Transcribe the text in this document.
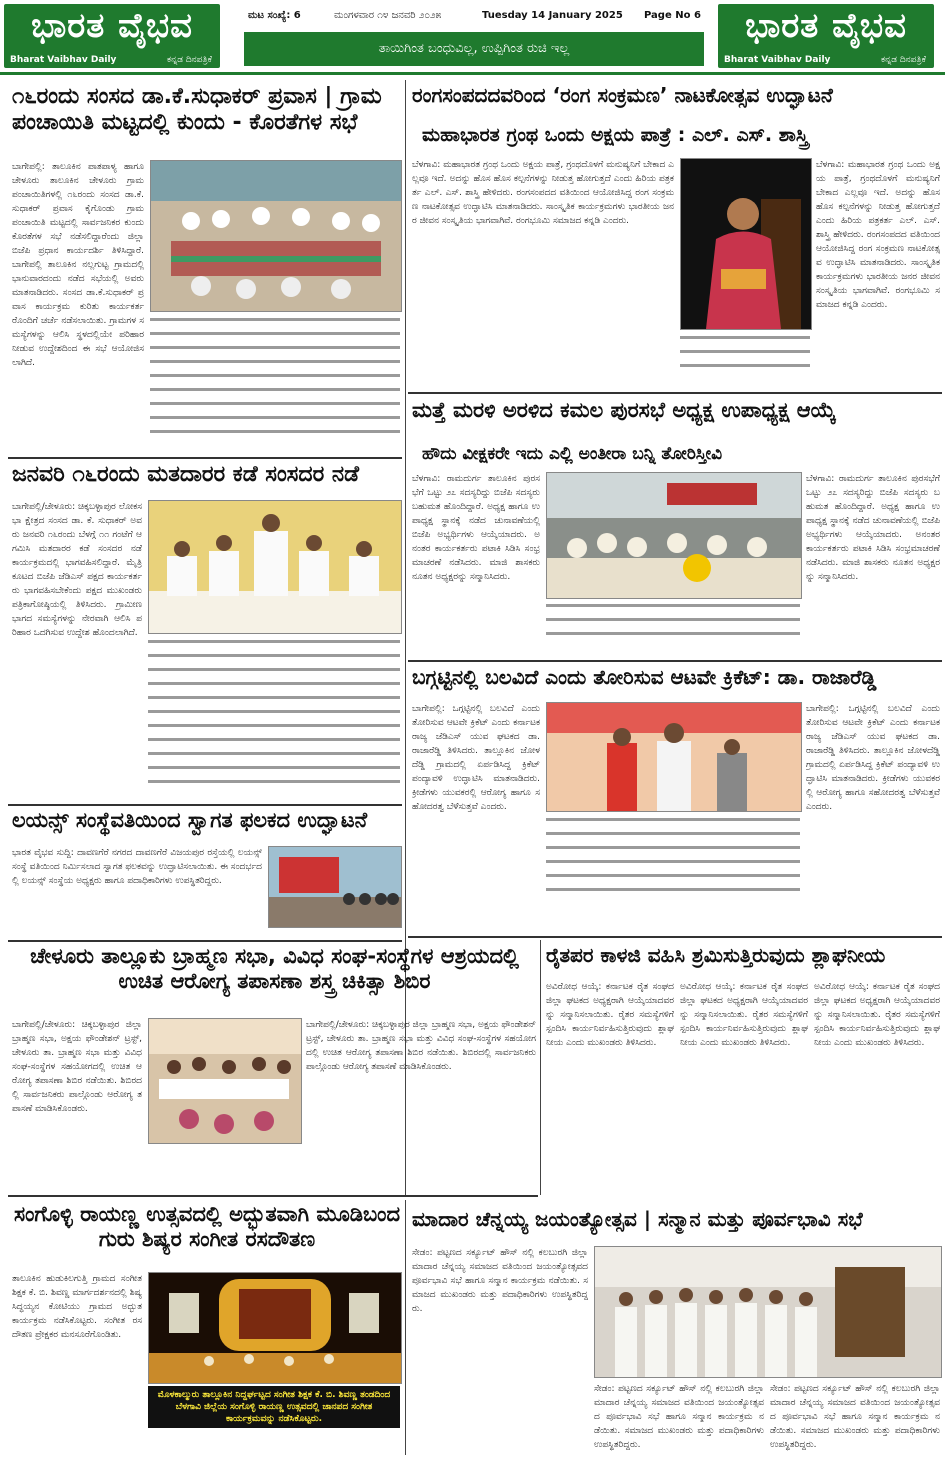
ಭಾರತ ವೈಭವ
Bharat Vaibhav Daily	ಕನ್ನಡ ದಿನಪತ್ರಿಕೆ
ಭಾರತ ವೈಭವ
Bharat Vaibhav Daily	ಕನ್ನಡ ದಿನಪತ್ರಿಕೆ
ಮಟ ಸಂಖ್ಯೆ: 6	ಮಂಗಳವಾರ ೧೪ ಜನವರಿ ೨೦೨೫	Tuesday 14 January 2025 Page No 6
ತಾಯಿಗಿಂತ ಬಂಧುವಿಲ್ಲ, ಉಪ್ಪಿಗಿಂತ ರುಚಿ ಇಲ್ಲ
೧೬ರಂದು ಸಂಸದ ಡಾ.ಕೆ.ಸುಧಾಕರ್ ಪ್ರವಾಸ | ಗ್ರಾಮ ಪಂಚಾಯಿತಿ ಮಟ್ಟದಲ್ಲಿ ಕುಂದು - ಕೊರತೆಗಳ ಸಭೆ
ಬಾಗೇಪಲ್ಲಿ: ತಾಲೂಕಿನ ಪಾತಪಾಳ್ಯ ಹಾಗೂ ಚೇಳೂರು ತಾಲೂಕಿನ ಚೇಳೂರು ಗ್ರಾಮ ಪಂಚಾಯಿತಿಗಳಲ್ಲಿ ೧೬ರಂದು ಸಂಸದ ಡಾ.ಕೆ.ಸುಧಾಕರ್ ಪ್ರವಾಸ ಕೈಗೊಂಡು ಗ್ರಾಮ ಪಂಚಾಯಿತಿ ಮಟ್ಟದಲ್ಲಿ ಸಾರ್ವಜನಿಕರ ಕುಂದು ಕೊರತೆಗಳ ಸಭೆ ನಡೆಸಲಿದ್ದಾರೆಂದು ಜಿಲ್ಲಾ ಬಿಜೆಪಿ ಪ್ರಧಾನ ಕಾರ್ಯದರ್ಶಿ ತಿಳಿಸಿದ್ದಾರೆ. ಬಾಗೇಪಲ್ಲಿ ತಾಲೂಕಿನ ನಲ್ಲಗುಟ್ಟ ಗ್ರಾಮದಲ್ಲಿ ಭಾನುವಾರದಂದು ನಡೆದ ಸಭೆಯಲ್ಲಿ ಅವರು ಮಾತನಾಡಿದರು. ಸಂಸದ ಡಾ.ಕೆ.ಸುಧಾಕರ್ ಪ್ರವಾಸ ಕಾರ್ಯಕ್ರಮ ಕುರಿತು ಕಾರ್ಯಕರ್ತರೊಂದಿಗೆ ಚರ್ಚೆ ನಡೆಸಲಾಯಿತು. ಗ್ರಾಮಗಳ ಸಮಸ್ಯೆಗಳನ್ನು ಆಲಿಸಿ ಸ್ಥಳದಲ್ಲಿಯೇ ಪರಿಹಾರ ನೀಡುವ ಉದ್ದೇಶದಿಂದ ಈ ಸಭೆ ಆಯೋಜಿಸಲಾಗಿದೆ.
ರಂಗಸಂಪದದವರಿಂದ ‘ರಂಗ ಸಂಕ್ರಮಣ’ ನಾಟಕೋತ್ಸವ ಉದ್ಘಾಟನೆ
ಮಹಾಭಾರತ ಗ್ರಂಥ ಒಂದು ಅಕ್ಷಯ ಪಾತ್ರೆ : ಎಲ್. ಎಸ್. ಶಾಸ್ತ್ರಿ
ಬೆಳಗಾವಿ: ಮಹಾಭಾರತ ಗ್ರಂಥ ಒಂದು ಅಕ್ಷಯ ಪಾತ್ರೆ, ಗ್ರಂಥದೊಳಗೆ ಮನುಷ್ಯನಿಗೆ ಬೇಕಾದ ಎಲ್ಲವೂ ಇದೆ. ಅದನ್ನು ಹೊಸ ಹೊಸ ಕಲ್ಪನೆಗಳನ್ನು ನೀಡುತ್ತ ಹೋಗುತ್ತದೆ ಎಂದು ಹಿರಿಯ ಪತ್ರಕರ್ತ ಎಲ್. ಎಸ್. ಶಾಸ್ತ್ರಿ ಹೇಳಿದರು. ರಂಗಸಂಪದದ ವತಿಯಿಂದ ಆಯೋಜಿಸಿದ್ದ ರಂಗ ಸಂಕ್ರಮಣ ನಾಟಕೋತ್ಸವ ಉದ್ಘಾಟಿಸಿ ಮಾತನಾಡಿದರು. ಸಾಂಸ್ಕೃತಿಕ ಕಾರ್ಯಕ್ರಮಗಳು ಭಾರತೀಯ ಜನರ ಜೀವನ ಸಂಸ್ಕೃತಿಯ ಭಾಗವಾಗಿವೆ. ರಂಗಭೂಮಿ ಸಮಾಜದ ಕನ್ನಡಿ ಎಂದರು.
ಬೆಳಗಾವಿ: ಮಹಾಭಾರತ ಗ್ರಂಥ ಒಂದು ಅಕ್ಷಯ ಪಾತ್ರೆ, ಗ್ರಂಥದೊಳಗೆ ಮನುಷ್ಯನಿಗೆ ಬೇಕಾದ ಎಲ್ಲವೂ ಇದೆ. ಅದನ್ನು ಹೊಸ ಹೊಸ ಕಲ್ಪನೆಗಳನ್ನು ನೀಡುತ್ತ ಹೋಗುತ್ತದೆ ಎಂದು ಹಿರಿಯ ಪತ್ರಕರ್ತ ಎಲ್. ಎಸ್. ಶಾಸ್ತ್ರಿ ಹೇಳಿದರು. ರಂಗಸಂಪದದ ವತಿಯಿಂದ ಆಯೋಜಿಸಿದ್ದ ರಂಗ ಸಂಕ್ರಮಣ ನಾಟಕೋತ್ಸವ ಉದ್ಘಾಟಿಸಿ ಮಾತನಾಡಿದರು. ಸಾಂಸ್ಕೃತಿಕ ಕಾರ್ಯಕ್ರಮಗಳು ಭಾರತೀಯ ಜನರ ಜೀವನ ಸಂಸ್ಕೃತಿಯ ಭಾಗವಾಗಿವೆ. ರಂಗಭೂಮಿ ಸಮಾಜದ ಕನ್ನಡಿ ಎಂದರು.
ಮತ್ತೆ ಮರಳಿ ಅರಳಿದ ಕಮಲ ಪುರಸಭೆ ಅಧ್ಯಕ್ಷ ಉಪಾಧ್ಯಕ್ಷ ಆಯ್ಕೆ
ಹೌದು ವೀಕ್ಷಕರೇ ಇದು ಎಲ್ಲಿ ಅಂತೀರಾ ಬನ್ನಿ ತೋರಿಸ್ತೀವಿ
ಬೆಳಗಾವಿ: ರಾಮದುರ್ಗ ತಾಲೂಕಿನ ಪುರಸಭೆಗೆ ಒಟ್ಟು ೨೭ ಸದಸ್ಯರಿದ್ದು ಬಿಜೆಪಿ ಸದಸ್ಯರು ಬಹುಮತ ಹೊಂದಿದ್ದಾರೆ. ಅಧ್ಯಕ್ಷ ಹಾಗೂ ಉಪಾಧ್ಯಕ್ಷ ಸ್ಥಾನಕ್ಕೆ ನಡೆದ ಚುನಾವಣೆಯಲ್ಲಿ ಬಿಜೆಪಿ ಅಭ್ಯರ್ಥಿಗಳು ಆಯ್ಕೆಯಾದರು. ಅನಂತರ ಕಾರ್ಯಕರ್ತರು ಪಟಾಕಿ ಸಿಡಿಸಿ ಸಂಭ್ರಮಾಚರಣೆ ನಡೆಸಿದರು. ಮಾಜಿ ಶಾಸಕರು ನೂತನ ಅಧ್ಯಕ್ಷರನ್ನು ಸನ್ಮಾನಿಸಿದರು.
ಬೆಳಗಾವಿ: ರಾಮದುರ್ಗ ತಾಲೂಕಿನ ಪುರಸಭೆಗೆ ಒಟ್ಟು ೨೭ ಸದಸ್ಯರಿದ್ದು ಬಿಜೆಪಿ ಸದಸ್ಯರು ಬಹುಮತ ಹೊಂದಿದ್ದಾರೆ. ಅಧ್ಯಕ್ಷ ಹಾಗೂ ಉಪಾಧ್ಯಕ್ಷ ಸ್ಥಾನಕ್ಕೆ ನಡೆದ ಚುನಾವಣೆಯಲ್ಲಿ ಬಿಜೆಪಿ ಅಭ್ಯರ್ಥಿಗಳು ಆಯ್ಕೆಯಾದರು. ಅನಂತರ ಕಾರ್ಯಕರ್ತರು ಪಟಾಕಿ ಸಿಡಿಸಿ ಸಂಭ್ರಮಾಚರಣೆ ನಡೆಸಿದರು. ಮಾಜಿ ಶಾಸಕರು ನೂತನ ಅಧ್ಯಕ್ಷರನ್ನು ಸನ್ಮಾನಿಸಿದರು.
ಜನವರಿ ೧೬ರಂದು ಮತದಾರರ ಕಡೆ ಸಂಸದರ ನಡೆ
ಬಾಗೇಪಲ್ಲಿ/ಚೇಳೂರು: ಚಿಕ್ಕಬಳ್ಳಾಪುರ ಲೋಕಸಭಾ ಕ್ಷೇತ್ರದ ಸಂಸದ ಡಾ. ಕೆ. ಸುಧಾಕರ್ ಅವರು ಜನವರಿ ೧೬ರಂದು ಬೆಳಗ್ಗೆ ೧೧ ಗಂಟೆಗೆ ಆಗಮಿಸಿ ಮತದಾರರ ಕಡೆ ಸಂಸದರ ನಡೆ ಕಾರ್ಯಕ್ರಮದಲ್ಲಿ ಭಾಗವಹಿಸಲಿದ್ದಾರೆ. ಮೈತ್ರಿ ಕೂಟದ ಬಿಜೆಪಿ ಜೆಡಿಎಸ್ ಪಕ್ಷದ ಕಾರ್ಯಕರ್ತರು ಭಾಗವಹಿಸಬೇಕೆಂದು ಪಕ್ಷದ ಮುಖಂಡರು ಪತ್ರಿಕಾಗೋಷ್ಠಿಯಲ್ಲಿ ತಿಳಿಸಿದರು. ಗ್ರಾಮೀಣ ಭಾಗದ ಸಮಸ್ಯೆಗಳನ್ನು ನೇರವಾಗಿ ಆಲಿಸಿ ಪರಿಹಾರ ಒದಗಿಸುವ ಉದ್ದೇಶ ಹೊಂದಲಾಗಿದೆ.
ಬಗ್ಗಟ್ಟಿನಲ್ಲಿ ಬಲವಿದೆ ಎಂದು ತೋರಿಸುವ ಆಟವೇ ಕ್ರಿಕೆಟ್: ಡಾ. ರಾಜಾರೆಡ್ಡಿ
ಬಾಗೇಪಲ್ಲಿ: ಒಗ್ಗಟ್ಟಿನಲ್ಲಿ ಬಲವಿದೆ ಎಂದು ತೋರಿಸುವ ಆಟವೇ ಕ್ರಿಕೆಟ್ ಎಂದು ಕರ್ನಾಟಕ ರಾಜ್ಯ ಜೆಡಿಎಸ್ ಯುವ ಘಟಕದ ಡಾ. ರಾಜಾರೆಡ್ಡಿ ತಿಳಿಸಿದರು. ತಾಲ್ಲೂಕಿನ ಜೋಳದೆಡ್ಡಿ ಗ್ರಾಮದಲ್ಲಿ ಏರ್ಪಡಿಸಿದ್ದ ಕ್ರಿಕೆಟ್ ಪಂದ್ಯಾವಳಿ ಉದ್ಘಾಟಿಸಿ ಮಾತನಾಡಿದರು. ಕ್ರೀಡೆಗಳು ಯುವಕರಲ್ಲಿ ಆರೋಗ್ಯ ಹಾಗೂ ಸಹೋದರತ್ವ ಬೆಳೆಸುತ್ತವೆ ಎಂದರು.
ಬಾಗೇಪಲ್ಲಿ: ಒಗ್ಗಟ್ಟಿನಲ್ಲಿ ಬಲವಿದೆ ಎಂದು ತೋರಿಸುವ ಆಟವೇ ಕ್ರಿಕೆಟ್ ಎಂದು ಕರ್ನಾಟಕ ರಾಜ್ಯ ಜೆಡಿಎಸ್ ಯುವ ಘಟಕದ ಡಾ. ರಾಜಾರೆಡ್ಡಿ ತಿಳಿಸಿದರು. ತಾಲ್ಲೂಕಿನ ಜೋಳದೆಡ್ಡಿ ಗ್ರಾಮದಲ್ಲಿ ಏರ್ಪಡಿಸಿದ್ದ ಕ್ರಿಕೆಟ್ ಪಂದ್ಯಾವಳಿ ಉದ್ಘಾಟಿಸಿ ಮಾತನಾಡಿದರು. ಕ್ರೀಡೆಗಳು ಯುವಕರಲ್ಲಿ ಆರೋಗ್ಯ ಹಾಗೂ ಸಹೋದರತ್ವ ಬೆಳೆಸುತ್ತವೆ ಎಂದರು.
ಲಯನ್ಸ್ ಸಂಸ್ಥೆವತಿಯಿಂದ ಸ್ವಾಗತ ಫಲಕದ ಉದ್ಘಾಟನೆ
ಭಾರತ ವೈಭವ ಸುದ್ದಿ: ದಾವಣಗೆರೆ ನಗರದ ದಾವಣಗೆರೆ ವಿಜಯಪುರ ರಸ್ತೆಯಲ್ಲಿ ಲಯನ್ಸ್ ಸಂಸ್ಥೆ ವತಿಯಿಂದ ನಿರ್ಮಿಸಲಾದ ಸ್ವಾಗತ ಫಲಕವನ್ನು ಉದ್ಘಾಟಿಸಲಾಯಿತು. ಈ ಸಂದರ್ಭದಲ್ಲಿ ಲಯನ್ಸ್ ಸಂಸ್ಥೆಯ ಅಧ್ಯಕ್ಷರು ಹಾಗೂ ಪದಾಧಿಕಾರಿಗಳು ಉಪಸ್ಥಿತರಿದ್ದರು.
ಚೇಳೂರು ತಾಲ್ಲೂಕು ಬ್ರಾಹ್ಮಣ ಸಭಾ, ವಿವಿಧ ಸಂಘ-ಸಂಸ್ಥೆಗಳ ಆಶ್ರಯದಲ್ಲಿ ಉಚಿತ ಆರೋಗ್ಯ ತಪಾಸಣಾ ಶಸ್ತ್ರ ಚಿಕಿತ್ಸಾ ಶಿಬಿರ
ಬಾಗೇಪಲ್ಲಿ/ಚೇಳೂರು: ಚಿಕ್ಕಬಳ್ಳಾಪುರ ಜಿಲ್ಲಾ ಬ್ರಾಹ್ಮಣ ಸಭಾ, ಅಕ್ಷಯ ಫೌಂಡೇಶನ್ ಟ್ರಸ್ಟ್, ಚೇಳೂರು ತಾ. ಬ್ರಾಹ್ಮಣ ಸಭಾ ಮತ್ತು ವಿವಿಧ ಸಂಘ-ಸಂಸ್ಥೆಗಳ ಸಹಯೋಗದಲ್ಲಿ ಉಚಿತ ಆರೋಗ್ಯ ತಪಾಸಣಾ ಶಿಬಿರ ನಡೆಯಿತು. ಶಿಬಿರದಲ್ಲಿ ಸಾರ್ವಜನಿಕರು ಪಾಲ್ಗೊಂಡು ಆರೋಗ್ಯ ತಪಾಸಣೆ ಮಾಡಿಸಿಕೊಂಡರು.
ಬಾಗೇಪಲ್ಲಿ/ಚೇಳೂರು: ಚಿಕ್ಕಬಳ್ಳಾಪುರ ಜಿಲ್ಲಾ ಬ್ರಾಹ್ಮಣ ಸಭಾ, ಅಕ್ಷಯ ಫೌಂಡೇಶನ್ ಟ್ರಸ್ಟ್, ಚೇಳೂರು ತಾ. ಬ್ರಾಹ್ಮಣ ಸಭಾ ಮತ್ತು ವಿವಿಧ ಸಂಘ-ಸಂಸ್ಥೆಗಳ ಸಹಯೋಗದಲ್ಲಿ ಉಚಿತ ಆರೋಗ್ಯ ತಪಾಸಣಾ ಶಿಬಿರ ನಡೆಯಿತು. ಶಿಬಿರದಲ್ಲಿ ಸಾರ್ವಜನಿಕರು ಪಾಲ್ಗೊಂಡು ಆರೋಗ್ಯ ತಪಾಸಣೆ ಮಾಡಿಸಿಕೊಂಡರು.
ರೈತಪರ ಕಾಳಜಿ ವಹಿಸಿ ಶ್ರಮಿಸುತ್ತಿರುವುದು ಶ್ಲಾಘನೀಯ
ಅವಿರೋಧ ಆಯ್ಕೆ: ಕರ್ನಾಟಕ ರೈತ ಸಂಘದ ಜಿಲ್ಲಾ ಘಟಕದ ಅಧ್ಯಕ್ಷರಾಗಿ ಆಯ್ಕೆಯಾದವರನ್ನು ಸನ್ಮಾನಿಸಲಾಯಿತು. ರೈತರ ಸಮಸ್ಯೆಗಳಿಗೆ ಸ್ಪಂದಿಸಿ ಕಾರ್ಯನಿರ್ವಹಿಸುತ್ತಿರುವುದು ಶ್ಲಾಘನೀಯ ಎಂದು ಮುಖಂಡರು ತಿಳಿಸಿದರು.
ಅವಿರೋಧ ಆಯ್ಕೆ: ಕರ್ನಾಟಕ ರೈತ ಸಂಘದ ಜಿಲ್ಲಾ ಘಟಕದ ಅಧ್ಯಕ್ಷರಾಗಿ ಆಯ್ಕೆಯಾದವರನ್ನು ಸನ್ಮಾನಿಸಲಾಯಿತು. ರೈತರ ಸಮಸ್ಯೆಗಳಿಗೆ ಸ್ಪಂದಿಸಿ ಕಾರ್ಯನಿರ್ವಹಿಸುತ್ತಿರುವುದು ಶ್ಲಾಘನೀಯ ಎಂದು ಮುಖಂಡರು ತಿಳಿಸಿದರು.
ಅವಿರೋಧ ಆಯ್ಕೆ: ಕರ್ನಾಟಕ ರೈತ ಸಂಘದ ಜಿಲ್ಲಾ ಘಟಕದ ಅಧ್ಯಕ್ಷರಾಗಿ ಆಯ್ಕೆಯಾದವರನ್ನು ಸನ್ಮಾನಿಸಲಾಯಿತು. ರೈತರ ಸಮಸ್ಯೆಗಳಿಗೆ ಸ್ಪಂದಿಸಿ ಕಾರ್ಯನಿರ್ವಹಿಸುತ್ತಿರುವುದು ಶ್ಲಾಘನೀಯ ಎಂದು ಮುಖಂಡರು ತಿಳಿಸಿದರು.
ಸಂಗೊಳ್ಳಿ ರಾಯಣ್ಣ ಉತ್ಸವದಲ್ಲಿ ಅದ್ಭುತವಾಗಿ ಮೂಡಿಬಂದ ಗುರು ಶಿಷ್ಯರ ಸಂಗೀತ ರಸದೌತಣ
ತಾಲೂಕಿನ ಹುಡುಕಿಲಗುತ್ತಿ ಗ್ರಾಮದ ಸಂಗೀತ ಶಿಕ್ಷಕ ಕೆ. ಬಿ. ಶಿವಣ್ಣ ಮಾರ್ಗದರ್ಶನದಲ್ಲಿ ಶಿಷ್ಯ ಸಿದ್ಧಯ್ಯನ ಕೋಟಿಯು ಗ್ರಾಮದ ಅದ್ಭುತ ಕಾರ್ಯಕ್ರಮ ನಡೆಸಿಕೊಟ್ಟರು. ಸಂಗೀತ ರಸದೌತಣ ಪ್ರೇಕ್ಷಕರ ಮನಸೂರೆಗೊಂಡಿತು.
ಮೊಳಕಾಲ್ಮುರು ತಾಲ್ಲೂಕಿನ ನಿದ್ದರ್ಘಟ್ಟದ ಸಂಗೀತ ಶಿಕ್ಷಕ ಕೆ. ಬಿ. ಶಿವಣ್ಣ ತಂಡದಿಂದ ಬೆಳಗಾವಿ ಜಿಲ್ಲೆಯ ಸಂಗೊಳ್ಳಿ ರಾಯಣ್ಣ ಉತ್ಸವದಲ್ಲಿ ಜಾನಪದ ಸಂಗೀತ ಕಾರ್ಯಕ್ರಮವನ್ನು ನಡೆಸಿಕೊಟ್ಟರು.
ಮಾದಾರ ಚೆನ್ನಯ್ಯ ಜಯಂತ್ಯೋತ್ಸವ | ಸನ್ಮಾನ ಮತ್ತು ಪೂರ್ವಭಾವಿ ಸಭೆ
ಸೇಡಂ: ಪಟ್ಟಣದ ಸರ್ಕ್ಯೂಟ್ ಹೌಸ್ ನಲ್ಲಿ ಕಲಬುರಗಿ ಜಿಲ್ಲಾ ಮಾದಾರ ಚೆನ್ನಯ್ಯ ಸಮಾಜದ ವತಿಯಿಂದ ಜಯಂತ್ಯೋತ್ಸವದ ಪೂರ್ವಭಾವಿ ಸಭೆ ಹಾಗೂ ಸನ್ಮಾನ ಕಾರ್ಯಕ್ರಮ ನಡೆಯಿತು. ಸಮಾಜದ ಮುಖಂಡರು ಮತ್ತು ಪದಾಧಿಕಾರಿಗಳು ಉಪಸ್ಥಿತರಿದ್ದರು.
ಸೇಡಂ: ಪಟ್ಟಣದ ಸರ್ಕ್ಯೂಟ್ ಹೌಸ್ ನಲ್ಲಿ ಕಲಬುರಗಿ ಜಿಲ್ಲಾ ಮಾದಾರ ಚೆನ್ನಯ್ಯ ಸಮಾಜದ ವತಿಯಿಂದ ಜಯಂತ್ಯೋತ್ಸವದ ಪೂರ್ವಭಾವಿ ಸಭೆ ಹಾಗೂ ಸನ್ಮಾನ ಕಾರ್ಯಕ್ರಮ ನಡೆಯಿತು. ಸಮಾಜದ ಮುಖಂಡರು ಮತ್ತು ಪದಾಧಿಕಾರಿಗಳು ಉಪಸ್ಥಿತರಿದ್ದರು.
ಸೇಡಂ: ಪಟ್ಟಣದ ಸರ್ಕ್ಯೂಟ್ ಹೌಸ್ ನಲ್ಲಿ ಕಲಬುರಗಿ ಜಿಲ್ಲಾ ಮಾದಾರ ಚೆನ್ನಯ್ಯ ಸಮಾಜದ ವತಿಯಿಂದ ಜಯಂತ್ಯೋತ್ಸವದ ಪೂರ್ವಭಾವಿ ಸಭೆ ಹಾಗೂ ಸನ್ಮಾನ ಕಾರ್ಯಕ್ರಮ ನಡೆಯಿತು. ಸಮಾಜದ ಮುಖಂಡರು ಮತ್ತು ಪದಾಧಿಕಾರಿಗಳು ಉಪಸ್ಥಿತರಿದ್ದರು.
